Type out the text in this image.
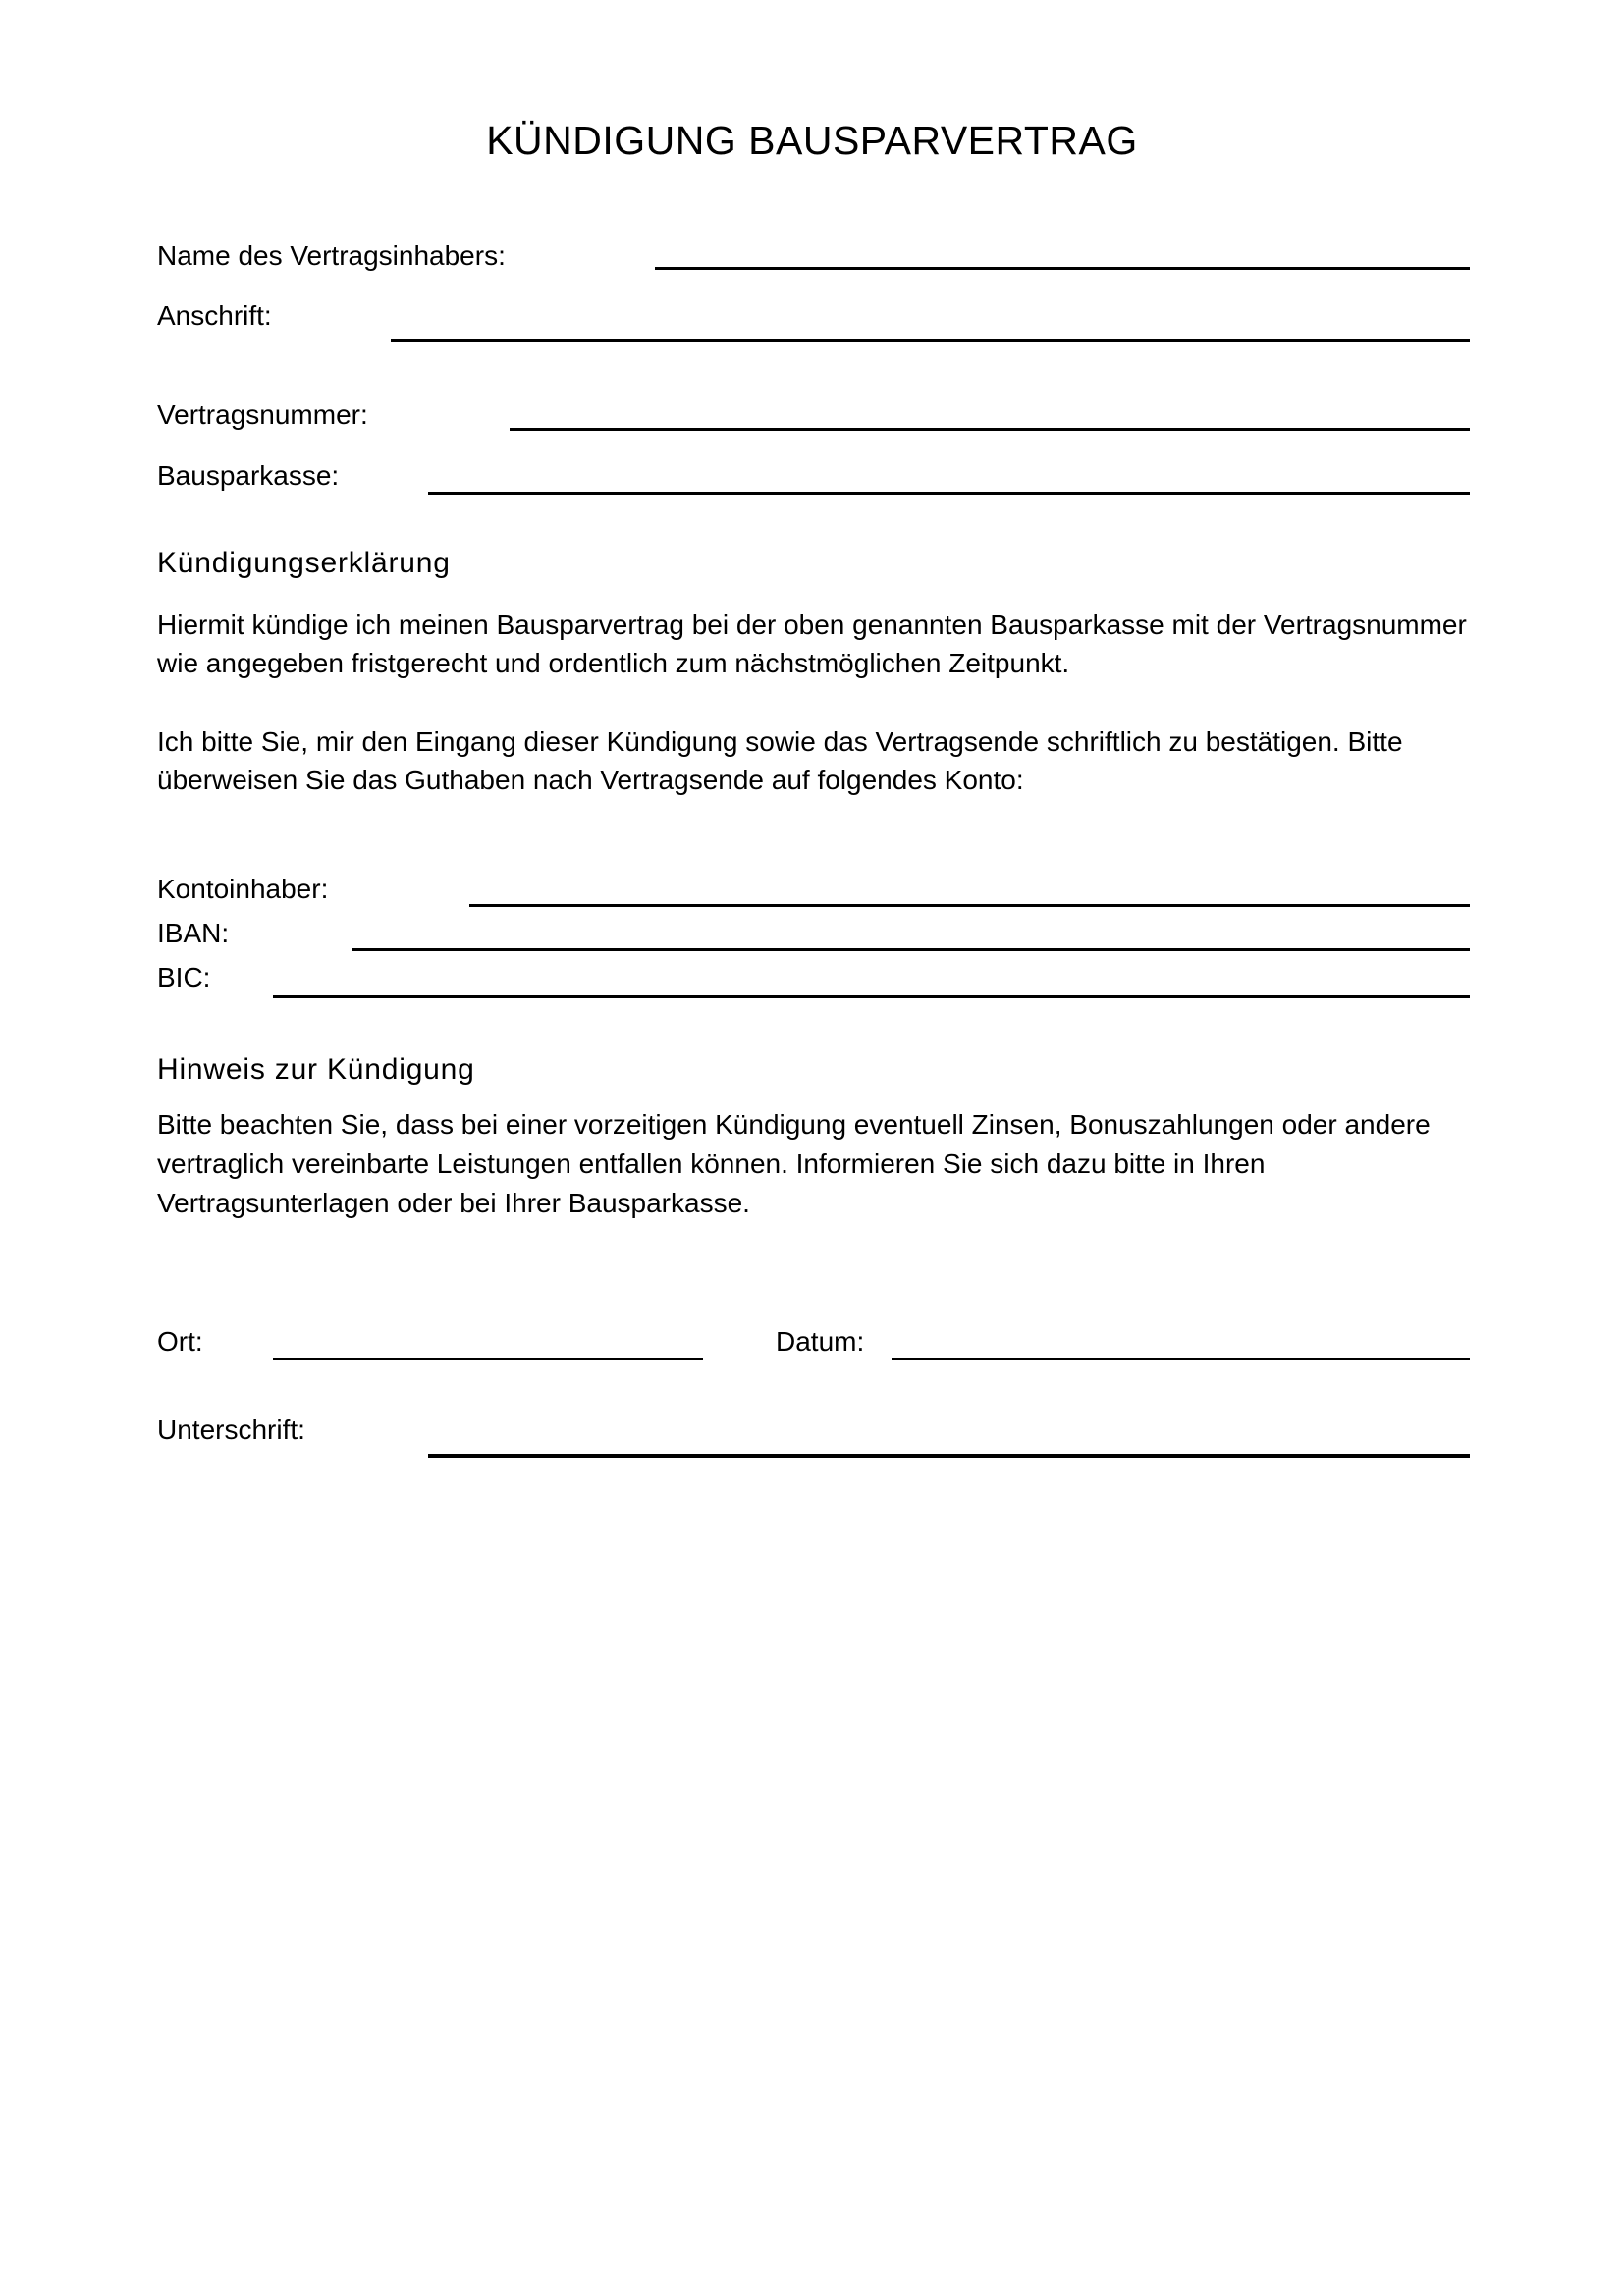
KÜNDIGUNG BAUSPARVERTRAG
Name des Vertragsinhabers:
Anschrift:
Vertragsnummer:
Bausparkasse:
Kündigungserklärung
Hiermit kündige ich meinen Bausparvertrag bei der oben genannten Bausparkasse mit der Vertragsnummer
wie angegeben fristgerecht und ordentlich zum nächstmöglichen Zeitpunkt.
Ich bitte Sie, mir den Eingang dieser Kündigung sowie das Vertragsende schriftlich zu bestätigen. Bitte
überweisen Sie das Guthaben nach Vertragsende auf folgendes Konto:
Kontoinhaber:
IBAN:
BIC:
Hinweis zur Kündigung
Bitte beachten Sie, dass bei einer vorzeitigen Kündigung eventuell Zinsen, Bonuszahlungen oder andere
vertraglich vereinbarte Leistungen entfallen können. Informieren Sie sich dazu bitte in Ihren
Vertragsunterlagen oder bei Ihrer Bausparkasse.
Ort:	Datum:
Unterschrift:
